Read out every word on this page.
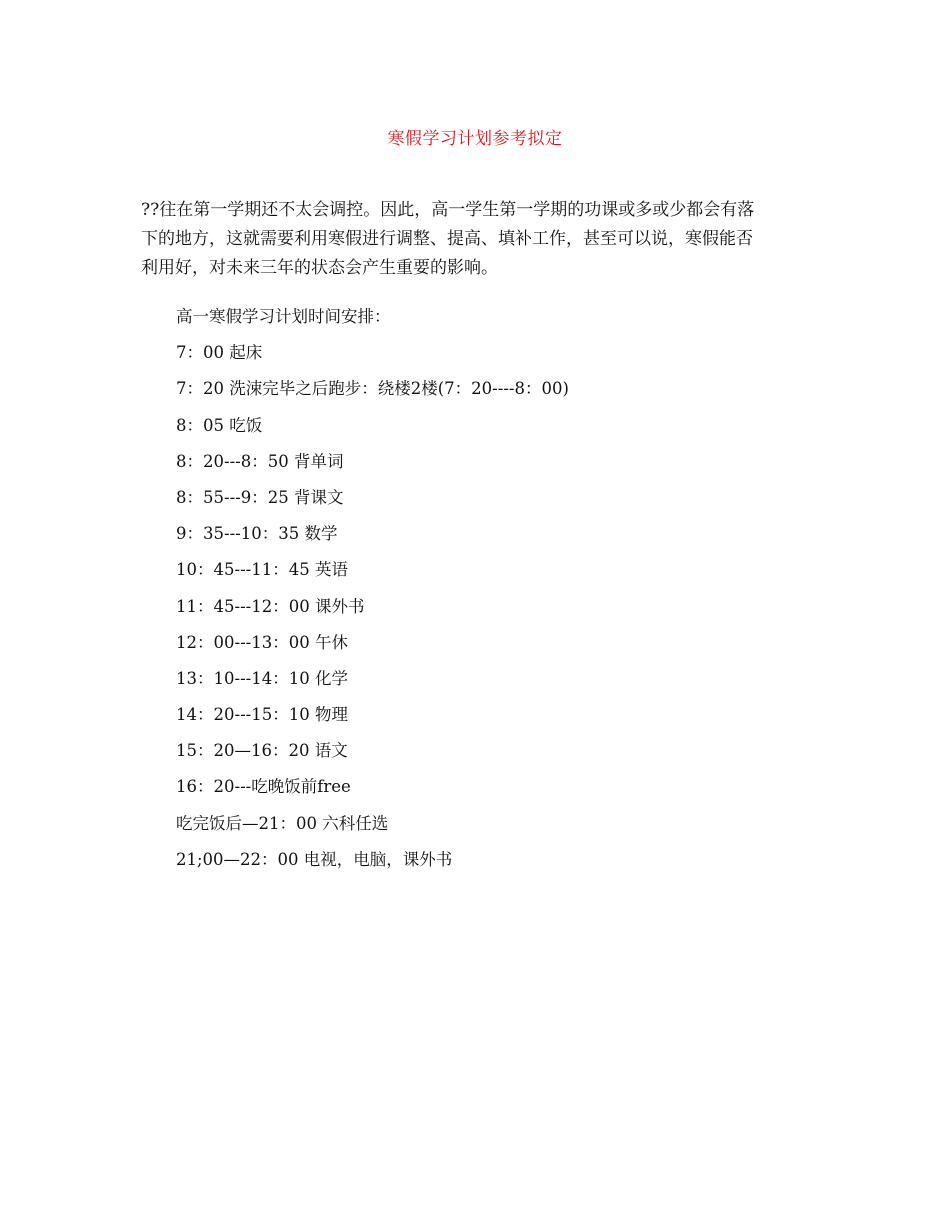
寒假学习计划参考拟定
??往在第一学期还不太会调控。因此，高一学生第一学期的功课或多或少都会有落
下的地方，这就需要利用寒假进行调整、提高、填补工作，甚至可以说，寒假能否
利用好，对未来三年的状态会产生重要的影响。
高一寒假学习计划时间安排：
7：00 起床
7：20 洗涑完毕之后跑步：绕楼2楼(7：20----8：00)
8：05 吃饭
8：20---8：50 背单词
8：55---9：25 背课文
9：35---10：35 数学
10：45---11：45 英语
11：45---12：00 课外书
12：00---13：00 午休
13：10---14：10 化学
14：20---15：10 物理
15：20—16：20 语文
16：20---吃晚饭前free
吃完饭后—21：00 六科任选
21;00—22：00 电视，电脑，课外书
